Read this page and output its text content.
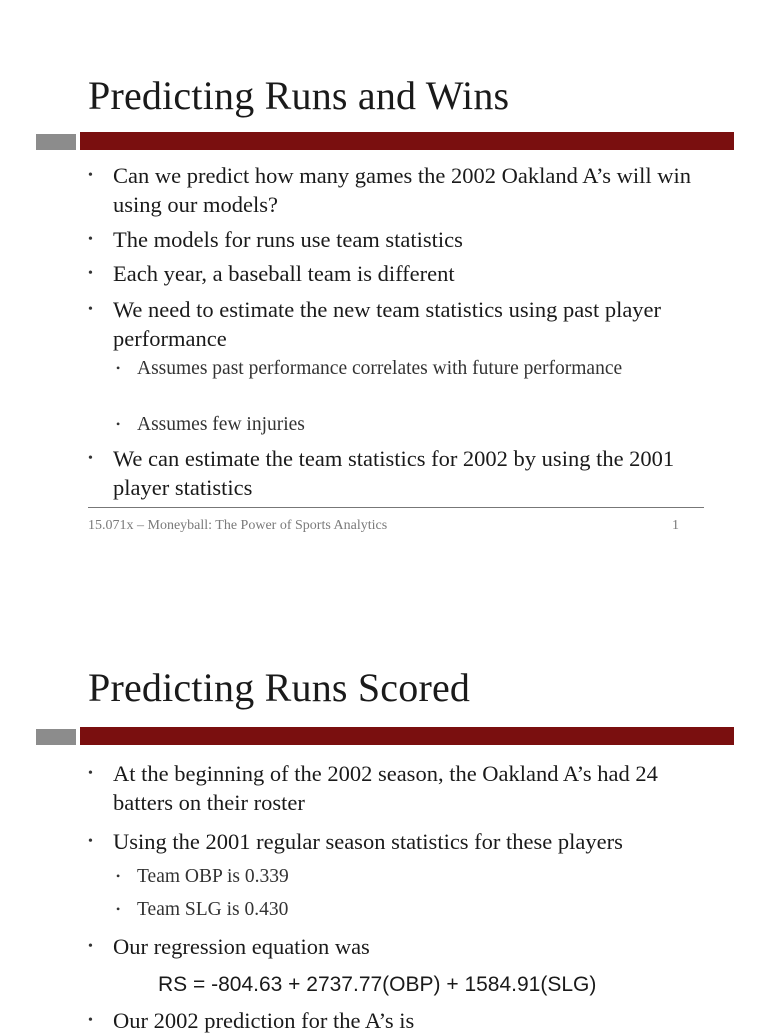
Predicting Runs and Wins
• Can we predict how many games the 2002 Oakland A’s will win using our models?
• The models for runs use team statistics
• Each year, a baseball team is different
• We need to estimate the new team statistics using past player performance
• Assumes past performance correlates with future performance
• Assumes few injuries
• We can estimate the team statistics for 2002 by using the 2001 player statistics
15.071x – Moneyball: The Power of Sports Analytics	1
Predicting Runs Scored
• At the beginning of the 2002 season, the Oakland A’s had 24 batters on their roster
• Using the 2001 regular season statistics for these players
• Team OBP is 0.339
• Team SLG is 0.430
• Our regression equation was
RS = -804.63 + 2737.77(OBP) + 1584.91(SLG)
• Our 2002 prediction for the A’s is
